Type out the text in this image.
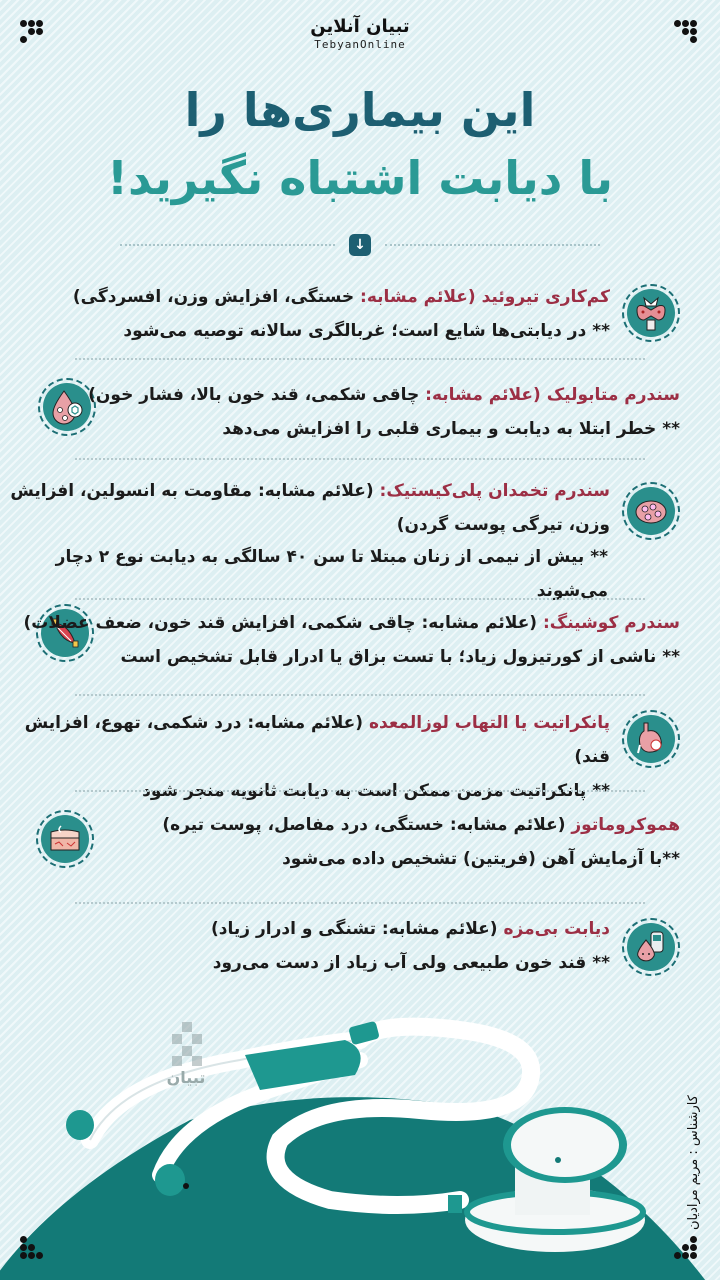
تبیان آنلاین
TebyanOnline
این بیماری‌ها را
با دیابت اشتباه نگیرید!
↓
کم‌کاری تیروئید (علائم مشابه: خستگی، افزایش وزن، افسردگی)
** در دیابتی‌ها شایع است؛ غربالگری سالانه توصیه می‌شود
سندرم متابولیک (علائم مشابه: چاقی شکمی، قند خون بالا، فشار خون)
** خطر ابتلا به دیابت و بیماری قلبی را افزایش می‌دهد
سندرم تخمدان پلی‌کیستیک: (علائم مشابه: مقاومت به انسولین، افزایش
وزن، تیرگی پوست گردن)
** بیش از نیمی از زنان مبتلا تا سن ۴۰ سالگی به دیابت نوع ۲ دچار می‌شوند
سندرم کوشینگ: (علائم مشابه: چاقی شکمی، افزایش قند خون، ضعف عضلات)
** ناشی از کورتیزول زیاد؛ با تست بزاق یا ادرار قابل تشخیص است
پانکراتیت یا التهاب لوزالمعده (علائم مشابه: درد شکمی، تهوع، افزایش قند)
** پانکراتیت مزمن ممکن است به دیابت ثانویه منجر شود
هموکروماتوز (علائم مشابه: خستگی، درد مفاصل، پوست تیره)
**با آزمایش آهن (فریتین) تشخیص داده می‌شود
دیابت بی‌مزه (علائم مشابه: تشنگی و ادرار زیاد)
** قند خون طبیعی ولی آب زیاد از دست می‌رود
تبیان
کارشناس : مریم مرادیان
